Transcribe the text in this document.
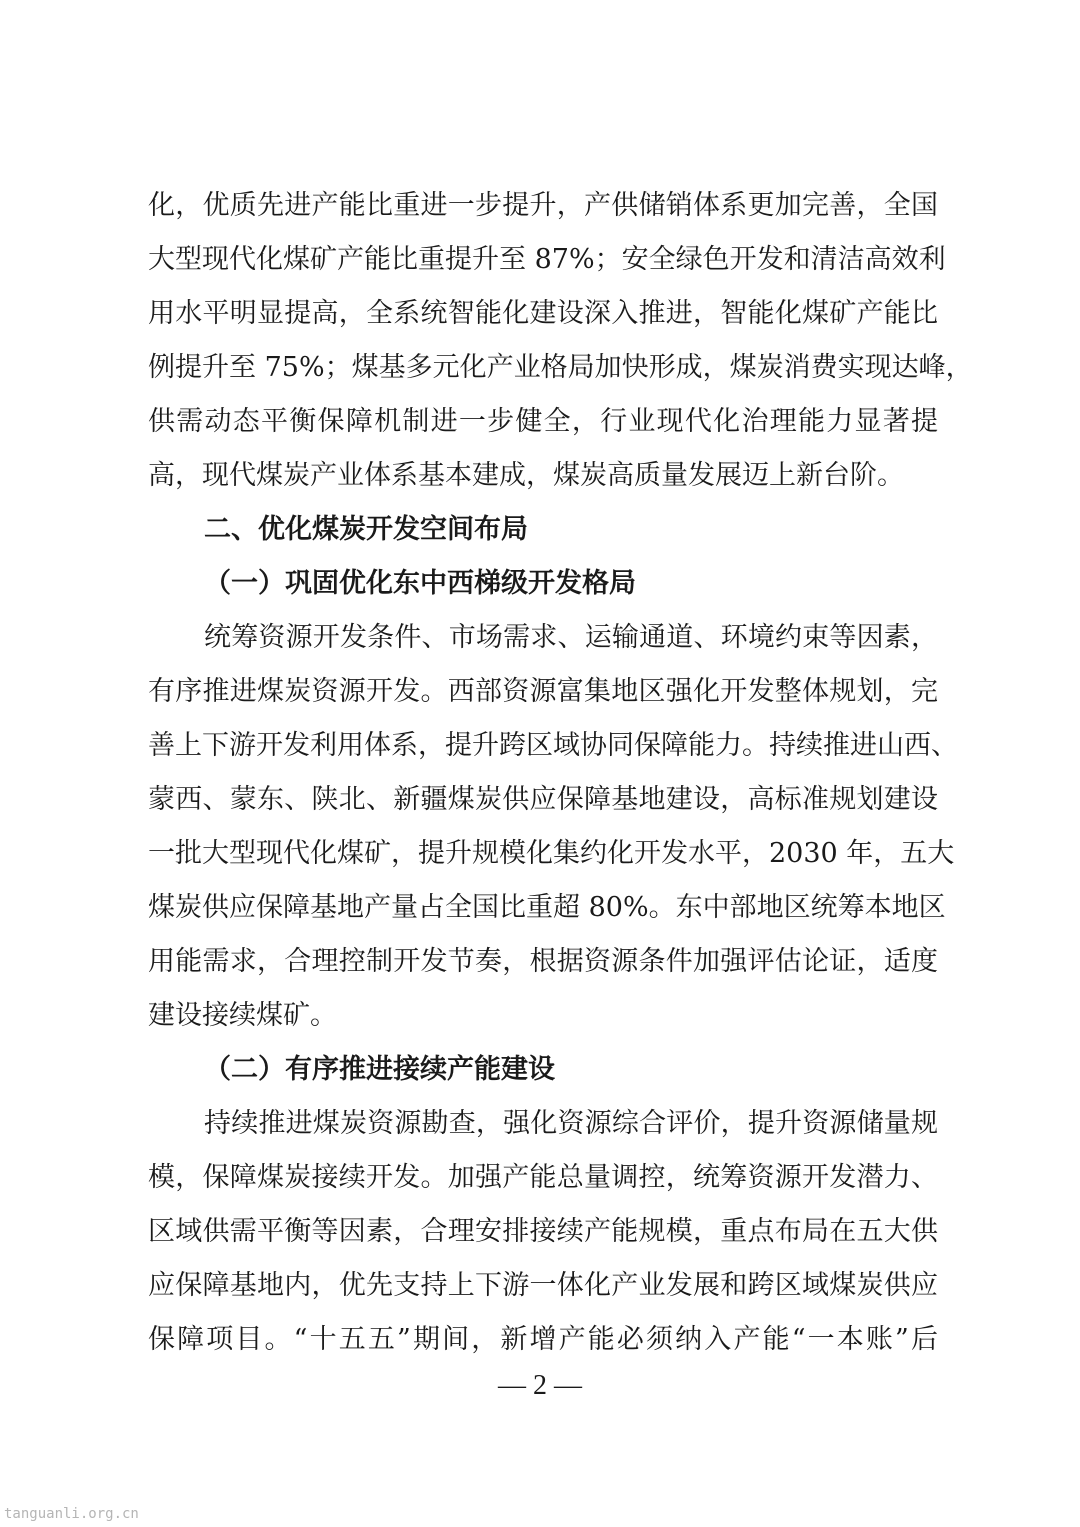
化，优质先进产能比重进一步提升，产供储销体系更加完善，全国
大型现代化煤矿产能比重提升至 87%；安全绿色开发和清洁高效利
用水平明显提高，全系统智能化建设深入推进，智能化煤矿产能比
例提升至 75%；煤基多元化产业格局加快形成，煤炭消费实现达峰，
供需动态平衡保障机制进一步健全，行业现代化治理能力显著提
高，现代煤炭产业体系基本建成，煤炭高质量发展迈上新台阶。
二、优化煤炭开发空间布局
（一）巩固优化东中西梯级开发格局
统筹资源开发条件、市场需求、运输通道、环境约束等因素，
有序推进煤炭资源开发。西部资源富集地区强化开发整体规划，完
善上下游开发利用体系，提升跨区域协同保障能力。持续推进山西、
蒙西、蒙东、陕北、新疆煤炭供应保障基地建设，高标准规划建设
一批大型现代化煤矿，提升规模化集约化开发水平，2030 年，五大
煤炭供应保障基地产量占全国比重超 80%。东中部地区统筹本地区
用能需求，合理控制开发节奏，根据资源条件加强评估论证，适度
建设接续煤矿。
（二）有序推进接续产能建设
持续推进煤炭资源勘查，强化资源综合评价，提升资源储量规
模，保障煤炭接续开发。加强产能总量调控，统筹资源开发潜力、
区域供需平衡等因素，合理安排接续产能规模，重点布局在五大供
应保障基地内，优先支持上下游一体化产业发展和跨区域煤炭供应
保障项目。“十五五”期间，新增产能必须纳入产能“一本账”后
— 2 —
tanguanli.org.cn
